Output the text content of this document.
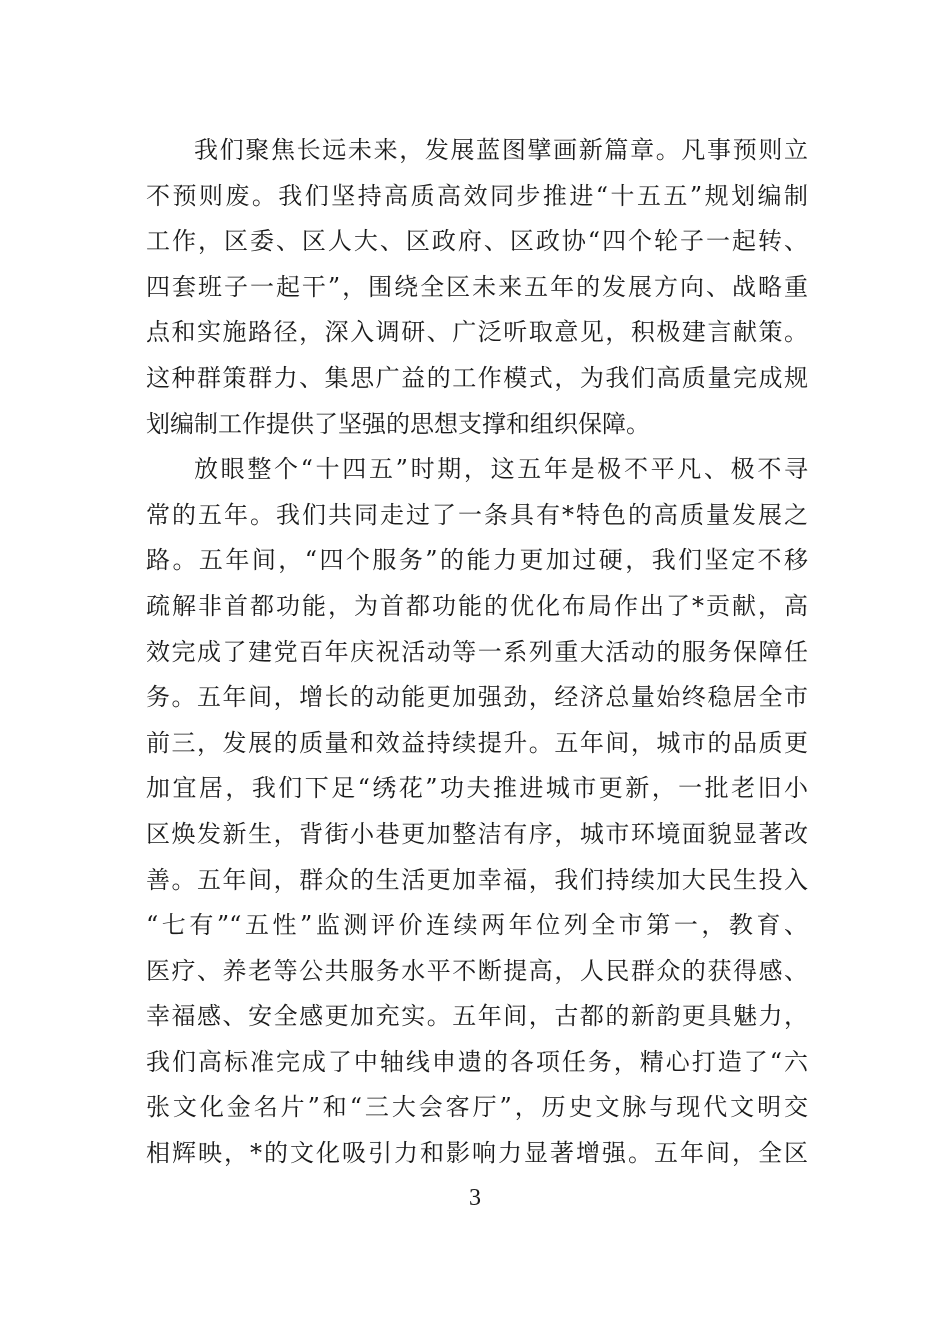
我们聚焦长远未来，发展蓝图擘画新篇章。凡事预则立
不预则废。我们坚持高质高效同步推进“十五五”规划编制
工作，区委、区人大、区政府、区政协“四个轮子一起转、
四套班子一起干”，围绕全区未来五年的发展方向、战略重
点和实施路径，深入调研、广泛听取意见，积极建言献策。
这种群策群力、集思广益的工作模式，为我们高质量完成规
划编制工作提供了坚强的思想支撑和组织保障。
放眼整个“十四五”时期，这五年是极不平凡、极不寻
常的五年。我们共同走过了一条具有*特色的高质量发展之
路。五年间，“四个服务”的能力更加过硬，我们坚定不移
疏解非首都功能，为首都功能的优化布局作出了*贡献，高
效完成了建党百年庆祝活动等一系列重大活动的服务保障任
务。五年间，增长的动能更加强劲，经济总量始终稳居全市
前三，发展的质量和效益持续提升。五年间，城市的品质更
加宜居，我们下足“绣花”功夫推进城市更新，一批老旧小
区焕发新生，背街小巷更加整洁有序，城市环境面貌显著改
善。五年间，群众的生活更加幸福，我们持续加大民生投入
“七有”“五性”监测评价连续两年位列全市第一，教育、
医疗、养老等公共服务水平不断提高，人民群众的获得感、
幸福感、安全感更加充实。五年间，古都的新韵更具魅力，
我们高标准完成了中轴线申遗的各项任务，精心打造了“六
张文化金名片”和“三大会客厅”，历史文脉与现代文明交
相辉映，*的文化吸引力和影响力显著增强。五年间，全区
3
